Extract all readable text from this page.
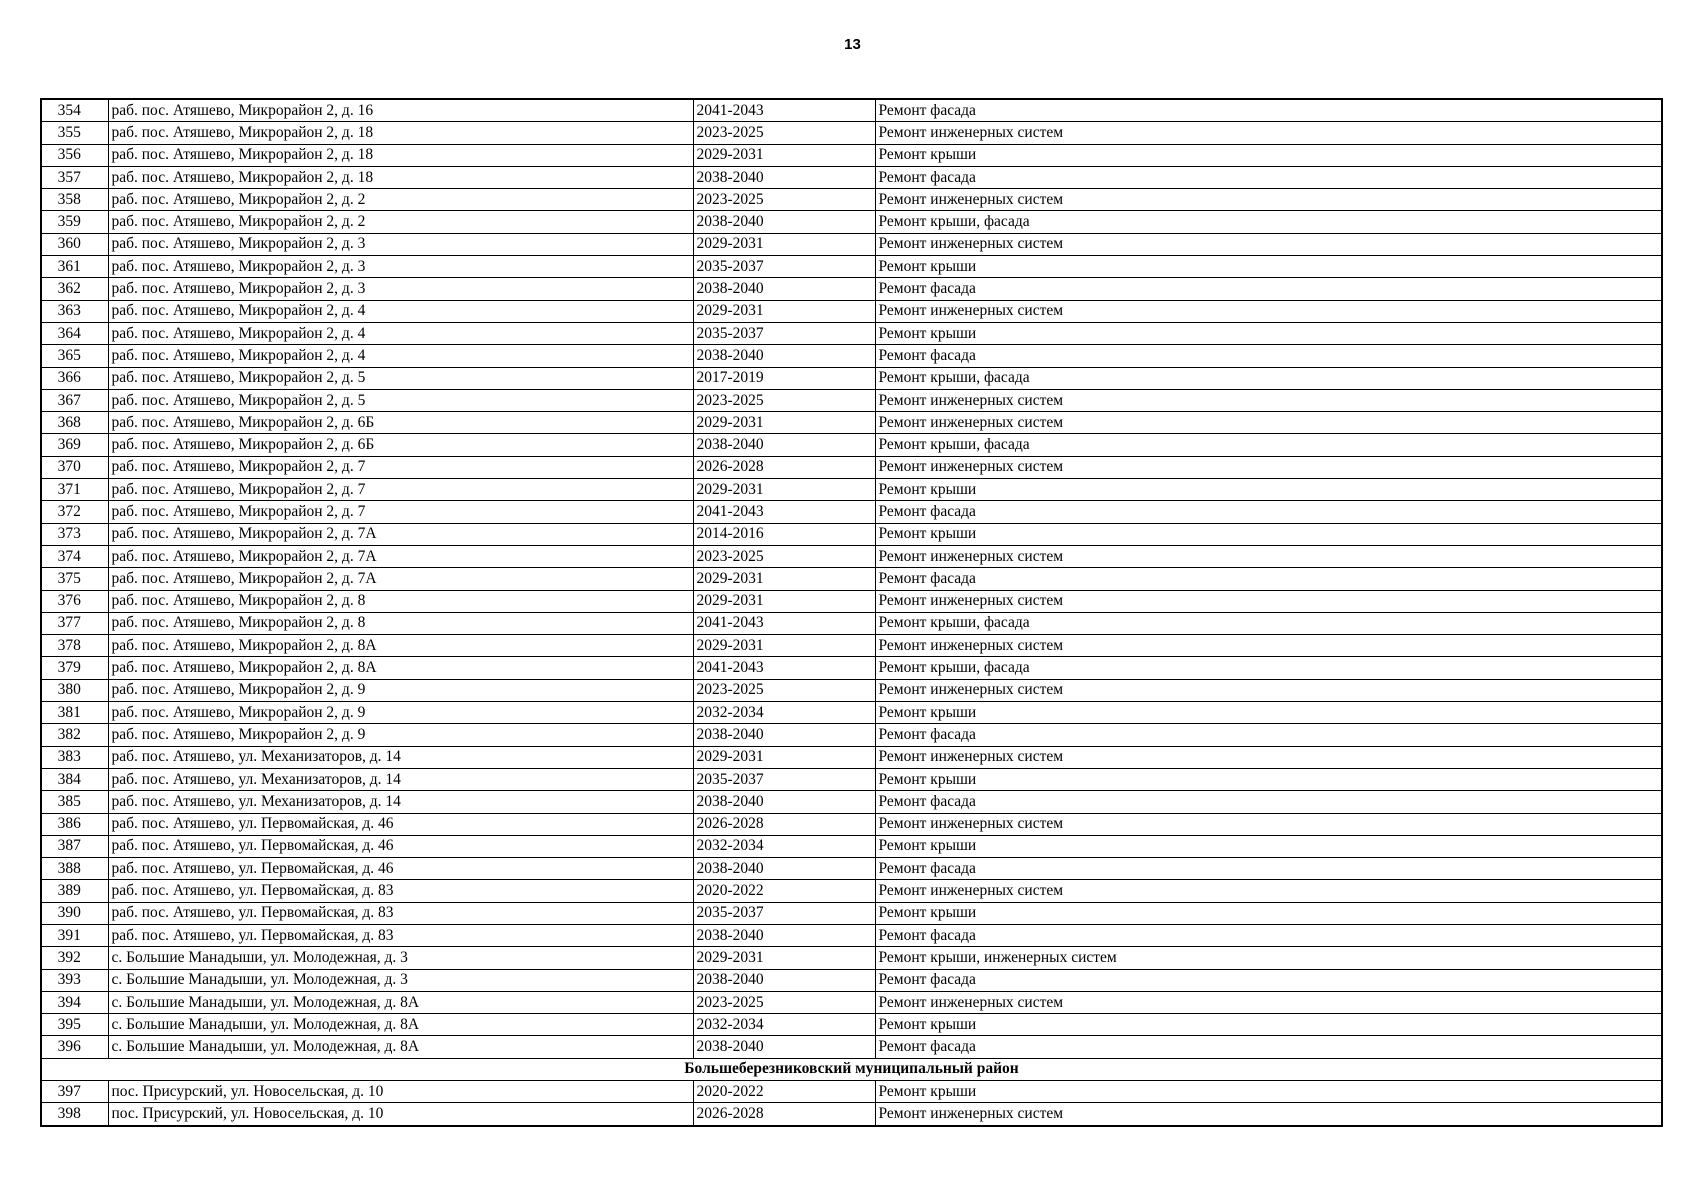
13
354	раб. пос. Атяшево, Микрорайон 2, д. 16	2041-2043	Ремонт фасада
355	раб. пос. Атяшево, Микрорайон 2, д. 18	2023-2025	Ремонт инженерных систем
356	раб. пос. Атяшево, Микрорайон 2, д. 18	2029-2031	Ремонт крыши
357	раб. пос. Атяшево, Микрорайон 2, д. 18	2038-2040	Ремонт фасада
358	раб. пос. Атяшево, Микрорайон 2, д. 2	2023-2025	Ремонт инженерных систем
359	раб. пос. Атяшево, Микрорайон 2, д. 2	2038-2040	Ремонт крыши, фасада
360	раб. пос. Атяшево, Микрорайон 2, д. 3	2029-2031	Ремонт инженерных систем
361	раб. пос. Атяшево, Микрорайон 2, д. 3	2035-2037	Ремонт крыши
362	раб. пос. Атяшево, Микрорайон 2, д. 3	2038-2040	Ремонт фасада
363	раб. пос. Атяшево, Микрорайон 2, д. 4	2029-2031	Ремонт инженерных систем
364	раб. пос. Атяшево, Микрорайон 2, д. 4	2035-2037	Ремонт крыши
365	раб. пос. Атяшево, Микрорайон 2, д. 4	2038-2040	Ремонт фасада
366	раб. пос. Атяшево, Микрорайон 2, д. 5	2017-2019	Ремонт крыши, фасада
367	раб. пос. Атяшево, Микрорайон 2, д. 5	2023-2025	Ремонт инженерных систем
368	раб. пос. Атяшево, Микрорайон 2, д. 6Б	2029-2031	Ремонт инженерных систем
369	раб. пос. Атяшево, Микрорайон 2, д. 6Б	2038-2040	Ремонт крыши, фасада
370	раб. пос. Атяшево, Микрорайон 2, д. 7	2026-2028	Ремонт инженерных систем
371	раб. пос. Атяшево, Микрорайон 2, д. 7	2029-2031	Ремонт крыши
372	раб. пос. Атяшево, Микрорайон 2, д. 7	2041-2043	Ремонт фасада
373	раб. пос. Атяшево, Микрорайон 2, д. 7А	2014-2016	Ремонт крыши
374	раб. пос. Атяшево, Микрорайон 2, д. 7А	2023-2025	Ремонт инженерных систем
375	раб. пос. Атяшево, Микрорайон 2, д. 7А	2029-2031	Ремонт фасада
376	раб. пос. Атяшево, Микрорайон 2, д. 8	2029-2031	Ремонт инженерных систем
377	раб. пос. Атяшево, Микрорайон 2, д. 8	2041-2043	Ремонт крыши, фасада
378	раб. пос. Атяшево, Микрорайон 2, д. 8А	2029-2031	Ремонт инженерных систем
379	раб. пос. Атяшево, Микрорайон 2, д. 8А	2041-2043	Ремонт крыши, фасада
380	раб. пос. Атяшево, Микрорайон 2, д. 9	2023-2025	Ремонт инженерных систем
381	раб. пос. Атяшево, Микрорайон 2, д. 9	2032-2034	Ремонт крыши
382	раб. пос. Атяшево, Микрорайон 2, д. 9	2038-2040	Ремонт фасада
383	раб. пос. Атяшево, ул. Механизаторов, д. 14	2029-2031	Ремонт инженерных систем
384	раб. пос. Атяшево, ул. Механизаторов, д. 14	2035-2037	Ремонт крыши
385	раб. пос. Атяшево, ул. Механизаторов, д. 14	2038-2040	Ремонт фасада
386	раб. пос. Атяшево, ул. Первомайская, д. 46	2026-2028	Ремонт инженерных систем
387	раб. пос. Атяшево, ул. Первомайская, д. 46	2032-2034	Ремонт крыши
388	раб. пос. Атяшево, ул. Первомайская, д. 46	2038-2040	Ремонт фасада
389	раб. пос. Атяшево, ул. Первомайская, д. 83	2020-2022	Ремонт инженерных систем
390	раб. пос. Атяшево, ул. Первомайская, д. 83	2035-2037	Ремонт крыши
391	раб. пос. Атяшево, ул. Первомайская, д. 83	2038-2040	Ремонт фасада
392	с. Большие Манадыши, ул. Молодежная, д. 3	2029-2031	Ремонт крыши, инженерных систем
393	с. Большие Манадыши, ул. Молодежная, д. 3	2038-2040	Ремонт фасада
394	с. Большие Манадыши, ул. Молодежная, д. 8А	2023-2025	Ремонт инженерных систем
395	с. Большие Манадыши, ул. Молодежная, д. 8А	2032-2034	Ремонт крыши
396	с. Большие Манадыши, ул. Молодежная, д. 8А	2038-2040	Ремонт фасада
Большеберезниковский муниципальный район			
397	пос. Присурский, ул. Новосельская, д. 10	2020-2022	Ремонт крыши
398	пос. Присурский, ул. Новосельская, д. 10	2026-2028	Ремонт инженерных систем
